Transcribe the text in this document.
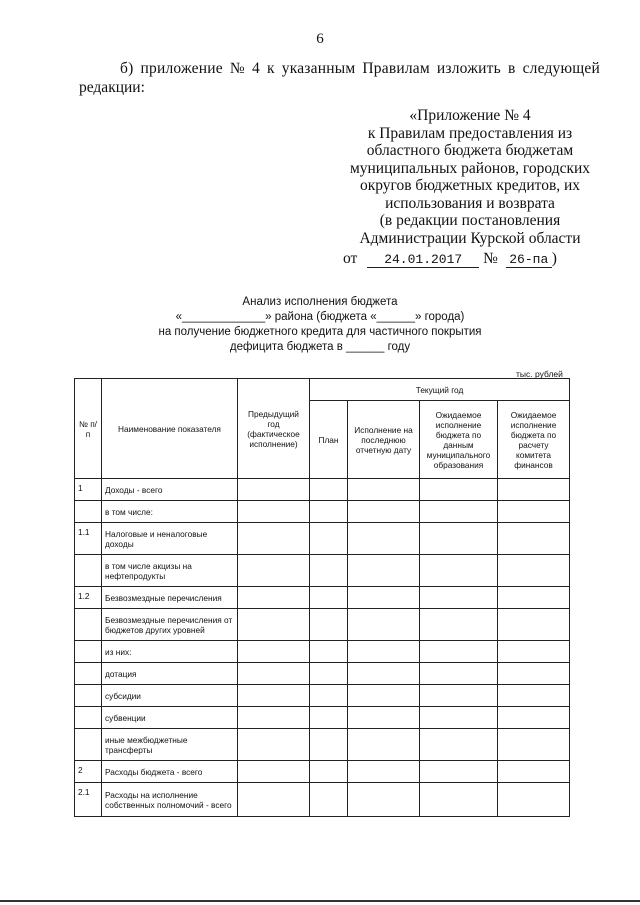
6
б) приложение № 4 к указанным Правилам изложить в следующей
редакции:
«Приложение № 4
к Правилам предоставления из
областного бюджета бюджетам
муниципальных районов, городских
округов бюджетных кредитов, их
использования и возврата
(в редакции постановления
Администрации Курской области
от 24.01.2017 № 26-па )
Анализ исполнения бюджета
«_____________» района (бюджета «______» города)
на получение бюджетного кредита для частичного покрытия
дефицита бюджета в ______ году
тыс. рублей
№ п/п	Наименование показателя	Предыдущий год (фактическое исполнение)	Текущий год			
			План	Исполнение на последнюю отчетную дату	Ожидаемое исполнение бюджета по данным муниципального образования	Ожидаемое исполнение бюджета по расчету комитета финансов
1	Доходы - всего					
	в том числе:					
1.1	Налоговые и неналоговые доходы					
	в том числе акцизы на нефтепродукты					
1.2	Безвозмездные перечисления					
	Безвозмездные перечисления от бюджетов других уровней					
	из них:					
	дотация					
	субсидии					
	субвенции					
	иные межбюджетные трансферты					
2	Расходы бюджета - всего					
2.1	Расходы на исполнение собственных полномочий - всего					
